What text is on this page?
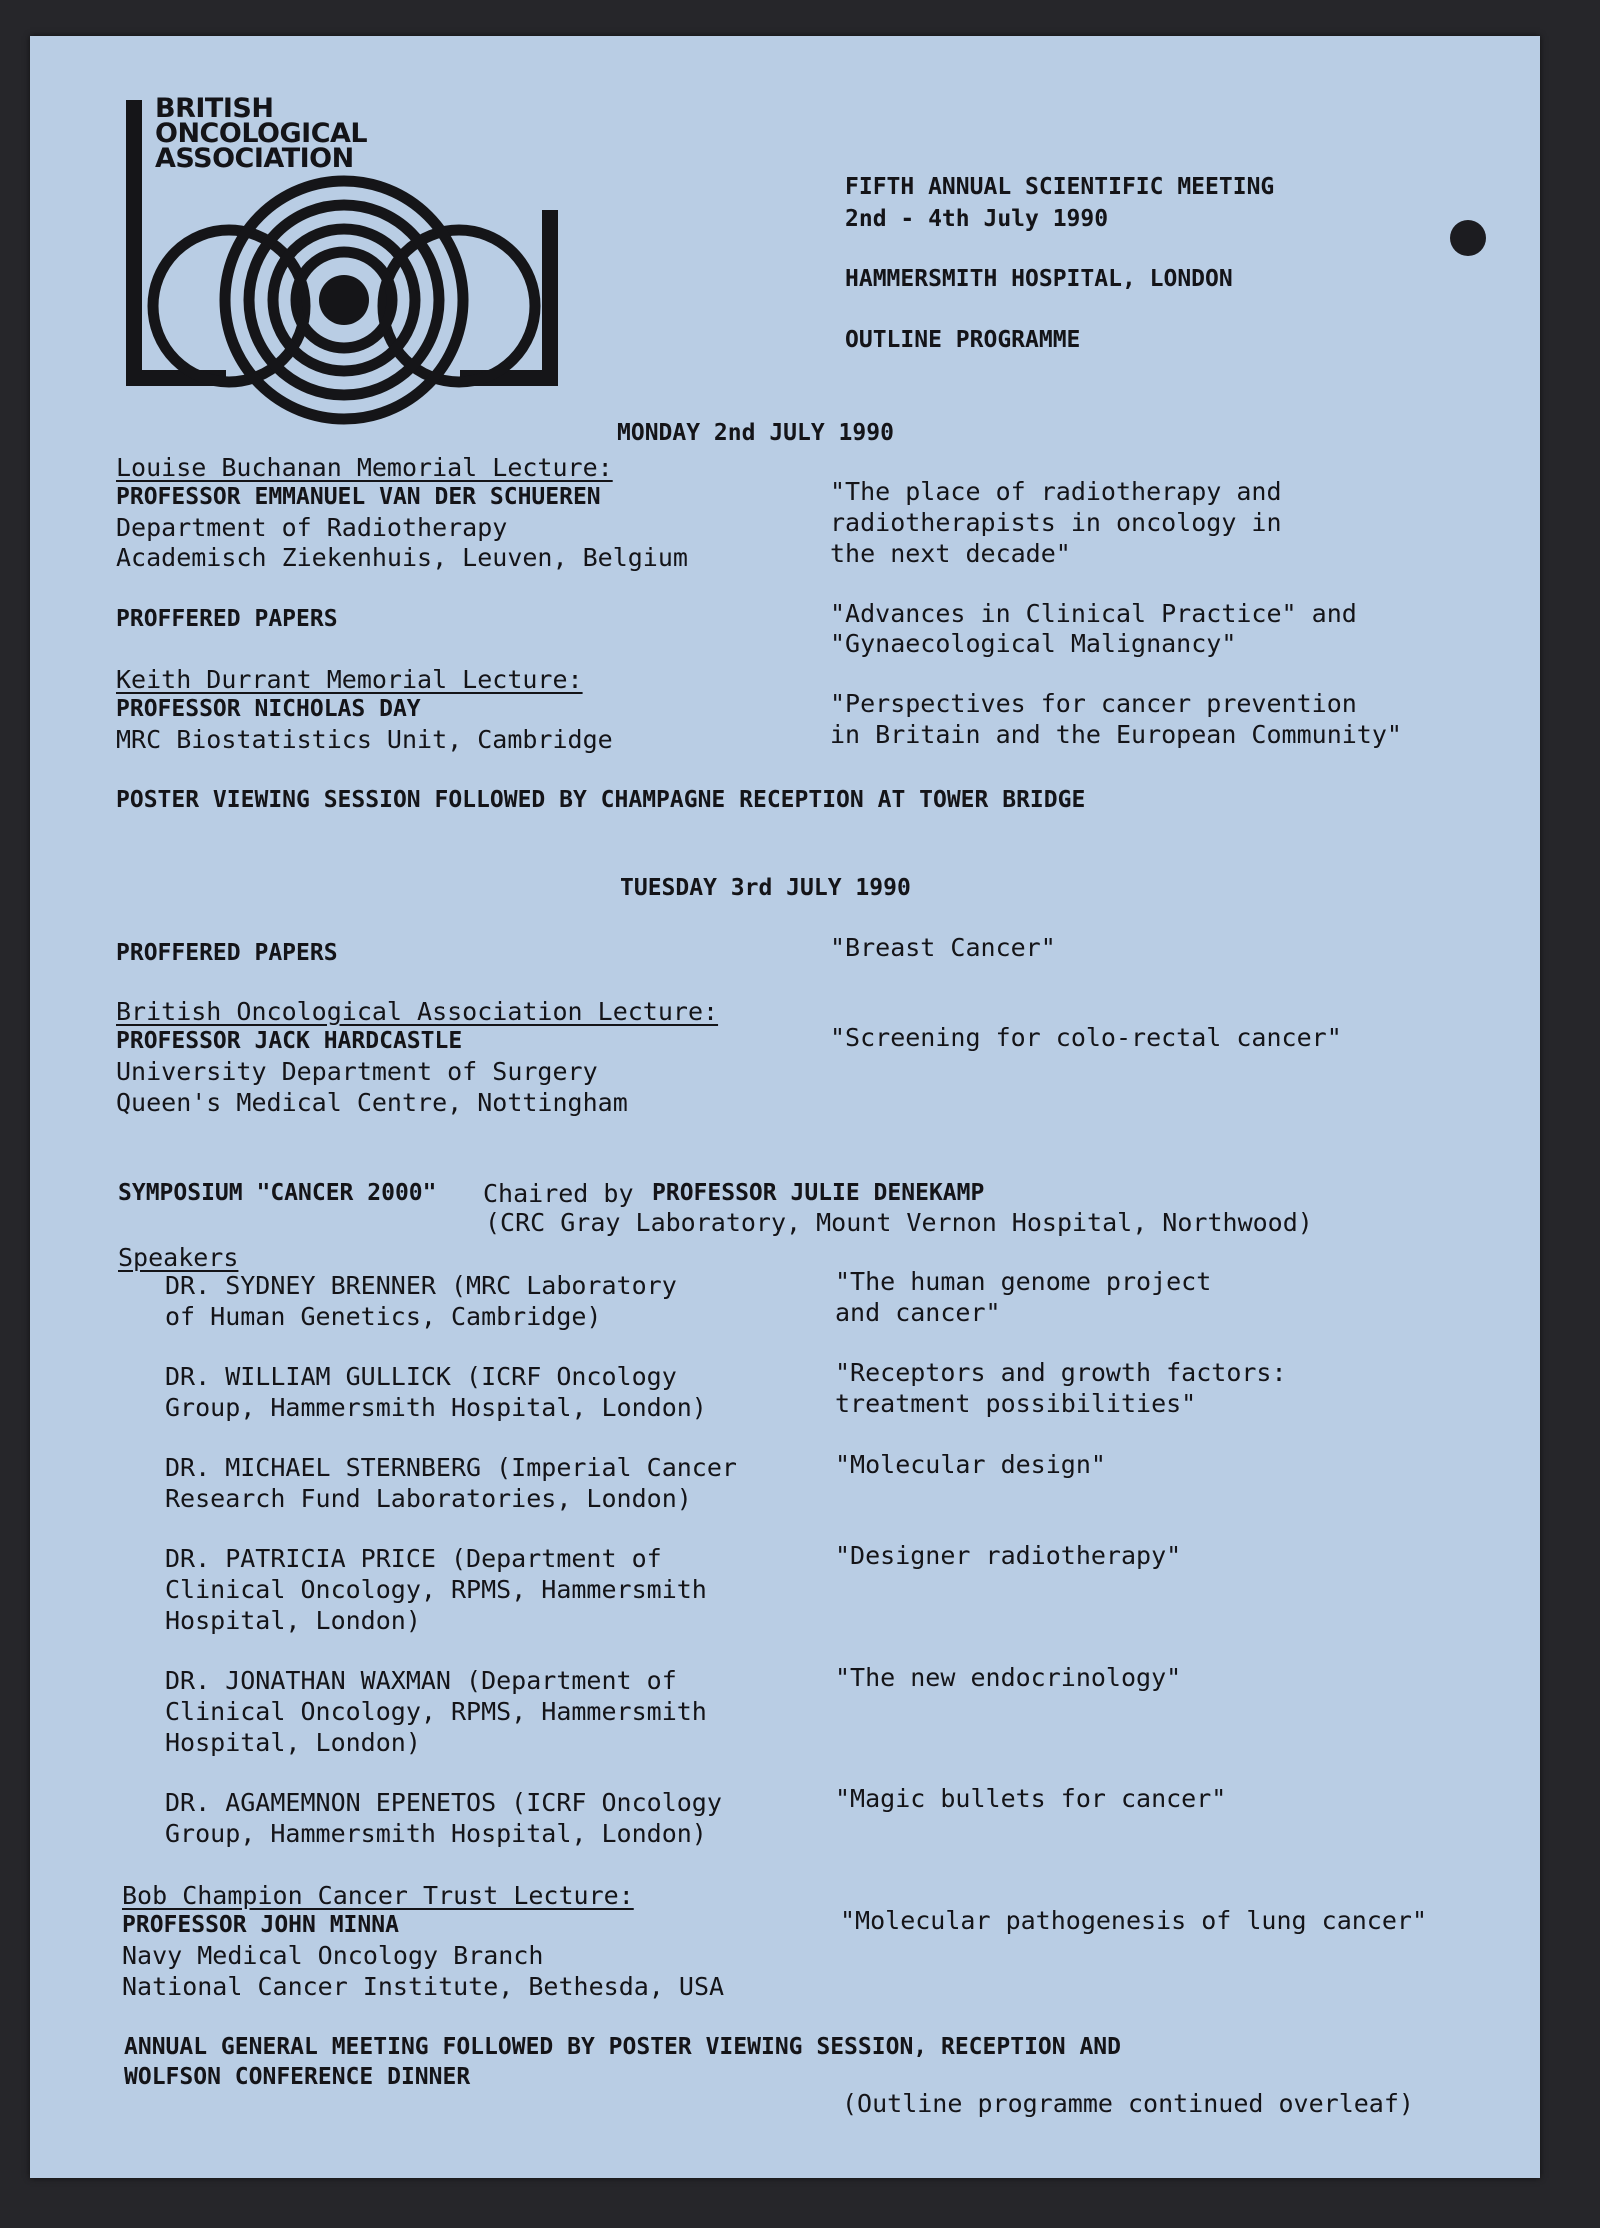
BRITISH
ONCOLOGICAL
ASSOCIATION
FIFTH ANNUAL SCIENTIFIC MEETING
2nd - 4th July 1990
HAMMERSMITH HOSPITAL, LONDON
OUTLINE PROGRAMME
MONDAY 2nd JULY 1990
Louise Buchanan Memorial Lecture:
PROFESSOR EMMANUEL VAN DER SCHUEREN
Department of Radiotherapy
Academisch Ziekenhuis, Leuven, Belgium
"The place of radiotherapy and
radiotherapists in oncology in
the next decade"
PROFFERED PAPERS	"Advances in Clinical Practice" and
"Gynaecological Malignancy"
Keith Durrant Memorial Lecture:
PROFESSOR NICHOLAS DAY
MRC Biostatistics Unit, Cambridge
"Perspectives for cancer prevention
in Britain and the European Community"
POSTER VIEWING SESSION FOLLOWED BY CHAMPAGNE RECEPTION AT TOWER BRIDGE
TUESDAY 3rd JULY 1990
PROFFERED PAPERS	"Breast Cancer"
British Oncological Association Lecture:
PROFESSOR JACK HARDCASTLE
University Department of Surgery
Queen's Medical Centre, Nottingham
"Screening for colo-rectal cancer"
SYMPOSIUM "CANCER 2000" Chaired by PROFESSOR JULIE DENEKAMP
(CRC Gray Laboratory, Mount Vernon Hospital, Northwood)
Speakers
DR. SYDNEY BRENNER (MRC Laboratory
of Human Genetics, Cambridge)
"The human genome project
and cancer"
DR. WILLIAM GULLICK (ICRF Oncology
Group, Hammersmith Hospital, London)
"Receptors and growth factors:
treatment possibilities"
DR. MICHAEL STERNBERG (Imperial Cancer
Research Fund Laboratories, London)
"Molecular design"
DR. PATRICIA PRICE (Department of
Clinical Oncology, RPMS, Hammersmith
Hospital, London)
"Designer radiotherapy"
DR. JONATHAN WAXMAN (Department of
Clinical Oncology, RPMS, Hammersmith
Hospital, London)
"The new endocrinology"
DR. AGAMEMNON EPENETOS (ICRF Oncology
Group, Hammersmith Hospital, London)
"Magic bullets for cancer"
Bob Champion Cancer Trust Lecture:
PROFESSOR JOHN MINNA
Navy Medical Oncology Branch
National Cancer Institute, Bethesda, USA
"Molecular pathogenesis of lung cancer"
ANNUAL GENERAL MEETING FOLLOWED BY POSTER VIEWING SESSION, RECEPTION AND
WOLFSON CONFERENCE DINNER
(Outline programme continued overleaf)
